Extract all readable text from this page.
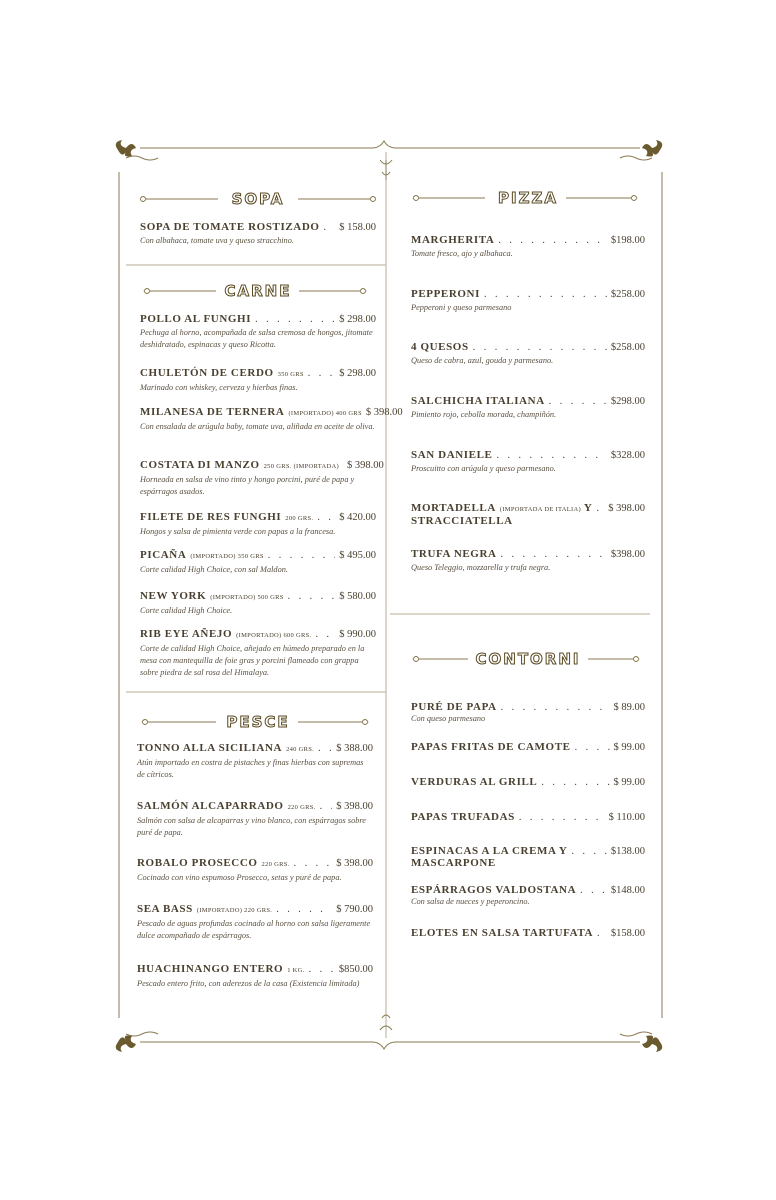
SOPA
SOPA DE TOMATE ROSTIZADO . . . $ 158.00
Con albahaca, tomate uva y queso stracchino.
CARNE
POLLO AL FUNGHI . . .	$ 298.00
Pechuga al horno, acompañada de salsa cremosa de hongos, jitomate deshidratado, espinacas y queso Ricotta.
CHULETÓN DE CERDO 350 GRS . . .	$ 298.00
Marinado con whiskey, cerveza y hierbas finas.
MILANESA DE TERNERA (IMPORTADO) 400 GRS $ 398.00
Con ensalada de arúgula baby, tomate uva, aliñada en aceite de oliva.
COSTATA DI MANZO 250 GRS. (IMPORTADA) $ 398.00
Horneada en salsa de vino tinto y hongo porcini, puré de papa y espárragos asados.
FILETE DE RES FUNGHI 200 GRS. . . . $ 420.00
Hongos y salsa de pimienta verde con papas a la francesa.
PICAÑA (IMPORTADO) 350 GRS . . .	$ 495.00
Corte calidad High Choice, con sal Maldon.
NEW YORK (IMPORTADO) 500 GRS . . .	$ 580.00
Corte calidad High Choice.
RIB EYE AÑEJO (IMPORTADO) 600 GRS. . . .	$ 990.00
Corte de calidad High Choice, añejado en húmedo preparado en la mesa con mantequilla de foie gras y porcini flameado con grappa sobre piedra de sal rosa del Himalaya.
PESCE
TONNO ALLA SICILIANA 240 GRS. . . . $ 388.00
Atún importado en costra de pistaches y finas hierbas con supremas de cítricos.
SALMÓN ALCAPARRADO 220 GRS. . . . $ 398.00
Salmón con salsa de alcaparras y vino blanco, con espárragos sobre puré de papa.
ROBALO PROSECCO 220 GRS. . . .	$ 398.00
Cocinado con vino espumoso Prosecco, setas y puré de papa.
SEA BASS (IMPORTADO) 220 GRS. . . .	$ 790.00
Pescado de aguas profundas cocinado al horno con salsa ligeramente dulce acompañado de espárragos.
HUACHINANGO ENTERO 1 KG. . . .	$850.00
Pescado entero frito, con aderezos de la casa (Existencia limitada)
PIZZA
MARGHERITA . . .	$198.00
Tomate fresco, ajo y albahaca.
PEPPERONI . . .	$258.00
Pepperoni y queso parmesano
4 QUESOS . . .	$258.00
Queso de cabra, azul, gouda y parmesano.
SALCHICHA ITALIANA . . .	$298.00
Pimiento rojo, cebolla morada, champiñón.
SAN DANIELE . . .	$328.00
Proscuitto con arúgula y queso parmesano.
MORTADELLA (IMPORTADA DE ITALIA) Y . . . $ 398.00
STRACCIATELLA
TRUFA NEGRA . . .	$398.00
Queso Teleggio, mozzarella y trufa negra.
CONTORNI
PURÉ DE PAPA . . .	$ 89.00
Con queso parmesano
PAPAS FRITAS DE CAMOTE . . .	$ 99.00
VERDURAS AL GRILL . . .	$ 99.00
PAPAS TRUFADAS . . .	$ 110.00
ESPINACAS A LA CREMA Y . . .	$138.00
MASCARPONE
ESPÁRRAGOS VALDOSTANA . . .	$148.00
Con salsa de nueces y peperoncino.
ELOTES EN SALSA TARTUFATA . . . $158.00
